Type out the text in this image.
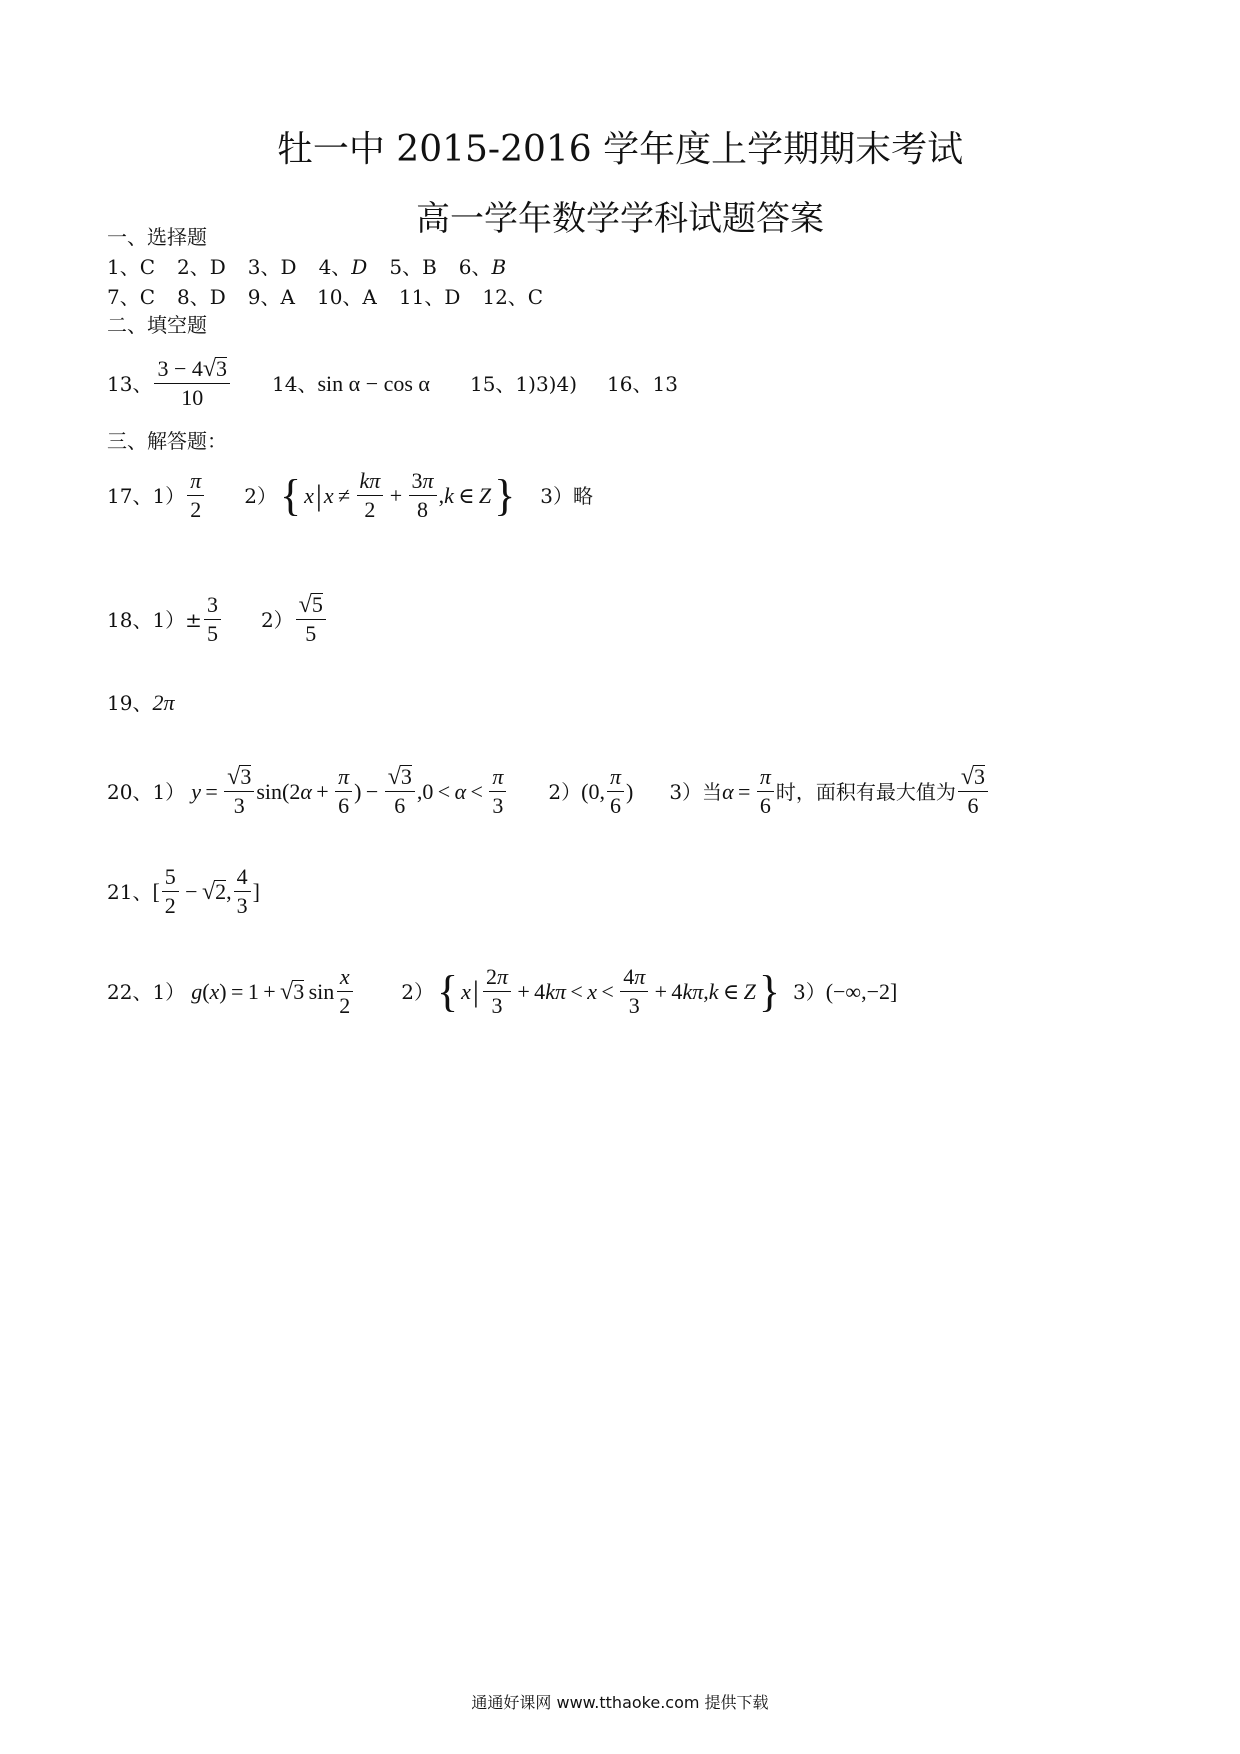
牡一中 2015-2016 学年度上学期期末考试
高一学年数学学科试题答案
一、选择题
1、C 2、D 3、D 4、 D 5、B 6、 B
7、C 8、D 9、A 10、A 11、D 12、C
二、填空题
13、 $\frac{3 - 4 √ 3}{10} 14$、 sin α − cos α 15、 1)3)4) 16、 13
三、解答题：
17、$1) \frac{\pi}{2} 2$） { x | $x \ne \frac{k\pi}{2} + \frac{3\pi}{8}$ , k  ∈  Z } 3）略
18、$1)\pm \frac{3}{5} 2) \frac{√ 5}{5}$
19、 2π
20、1） $y = \frac{√ 3}{3} \sin(2$ $\alpha + \frac{\pi}{6}$ ) −  $\frac{√ 3}{6} ,0 < \alpha < \frac{\pi}{3} 2$） (0, $\frac{\pi}{6}$ ) 3）当 $\alpha = \frac{\pi}{6}$ 时，面积有最大值为 $\frac{√ 3}{6}$
21、 [ $\frac{5}{2}$  −  √ 2 , $\frac{4}{3}$ ]
22、1） g ( x ) = 1 +  √ 3  $\sin \frac{x}{2} 2$） { x | $\frac{2\pi}{3} + 4$ $k\pi < x < \frac{4\pi}{3} + 4$ kπ , k  ∈  Z } 3） (−∞,−2]
通通好课网 www.tthaoke.com 提供下载
